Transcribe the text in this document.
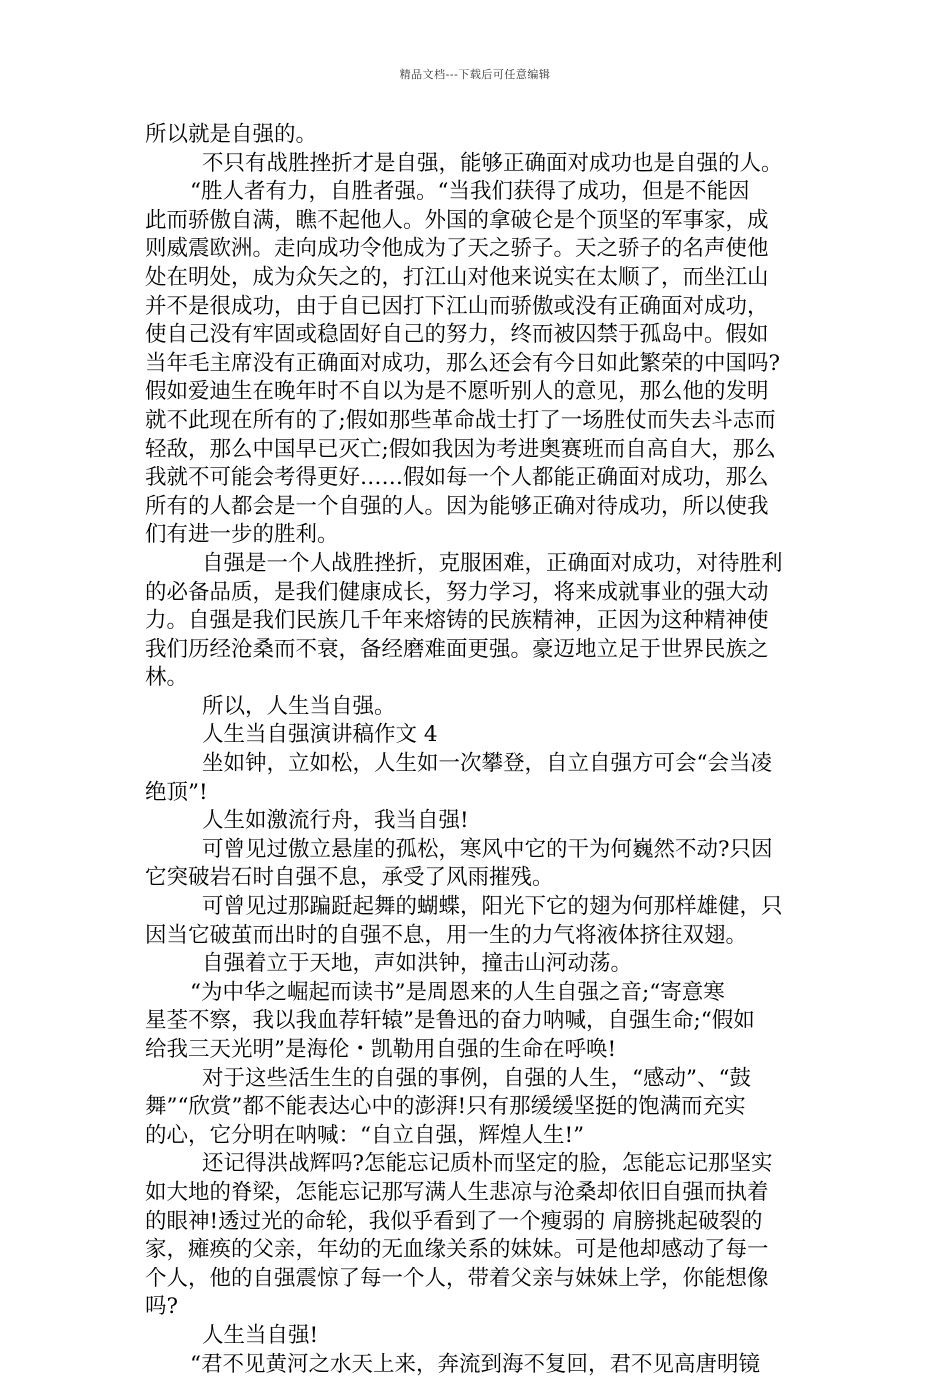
精品文档---下载后可任意编辑
所以就是自强的。
不只有战胜挫折才是自强，能够正确面对成功也是自强的人。
“胜人者有力，自胜者强。“当我们获得了成功，但是不能因
此而骄傲自满，瞧不起他人。外国的拿破仑是个顶坚的军事家，成
则威震欧洲。走向成功令他成为了天之骄子。天之骄子的名声使他
处在明处，成为众矢之的，打江山对他来说实在太顺了，而坐江山
并不是很成功，由于自已因打下江山而骄傲或没有正确面对成功，
使自己没有牢固或稳固好自己的努力，终而被囚禁于孤岛中。假如
当年毛主席没有正确面对成功，那么还会有今日如此繁荣的中国吗?
假如爱迪生在晚年时不自以为是不愿听别人的意见，那么他的发明
就不此现在所有的了;假如那些革命战士打了一场胜仗而失去斗志而
轻敌，那么中国早已灭亡;假如我因为考进奥赛班而自高自大，那么
我就不可能会考得更好……假如每一个人都能正确面对成功，那么
所有的人都会是一个自强的人。因为能够正确对待成功，所以使我
们有进一步的胜利。
自强是一个人战胜挫折，克服困难，正确面对成功，对待胜利
的必备品质，是我们健康成长，努力学习，将来成就事业的强大动
力。自强是我们民族几千年来熔铸的民族精神，正因为这种精神使
我们历经沧桑而不衰，备经磨难面更强。豪迈地立足于世界民族之
林。
所以，人生当自强。
人生当自强演讲稿作文 4
坐如钟，立如松，人生如一次攀登，自立自强方可会“会当凌
绝顶”!
人生如激流行舟，我当自强!
可曾见过傲立悬崖的孤松，寒风中它的干为何巍然不动?只因
它突破岩石时自强不息，承受了风雨摧残。
可曾见过那蹁跹起舞的蝴蝶，阳光下它的翅为何那样雄健，只
因当它破茧而出时的自强不息，用一生的力气将液体挤往双翅。
自强着立于天地，声如洪钟，撞击山河动荡。
“为中华之崛起而读书”是周恩来的人生自强之音;“寄意寒
星荃不察，我以我血荐轩辕”是鲁迅的奋力呐喊，自强生命;“假如
给我三天光明”是海伦・凯勒用自强的生命在呼唤!
对于这些活生生的自强的事例，自强的人生，“感动”、“鼓
舞”“欣赏”都不能表达心中的澎湃!只有那缓缓坚挺的饱满而充实
的心，它分明在呐喊：“自立自强，辉煌人生!”
还记得洪战辉吗?怎能忘记质朴而坚定的脸，怎能忘记那坚实
如大地的脊梁，怎能忘记那写满人生悲凉与沧桑却依旧自强而执着
的眼神!透过光的命轮，我似乎看到了一个瘦弱的 肩膀挑起破裂的
家，瘫痪的父亲，年幼的无血缘关系的妹妹。可是他却感动了每一
个人，他的自强震惊了每一个人，带着父亲与妹妹上学，你能想像
吗?
人生当自强!
“君不见黄河之水天上来，奔流到海不复回，君不见高唐明镜
